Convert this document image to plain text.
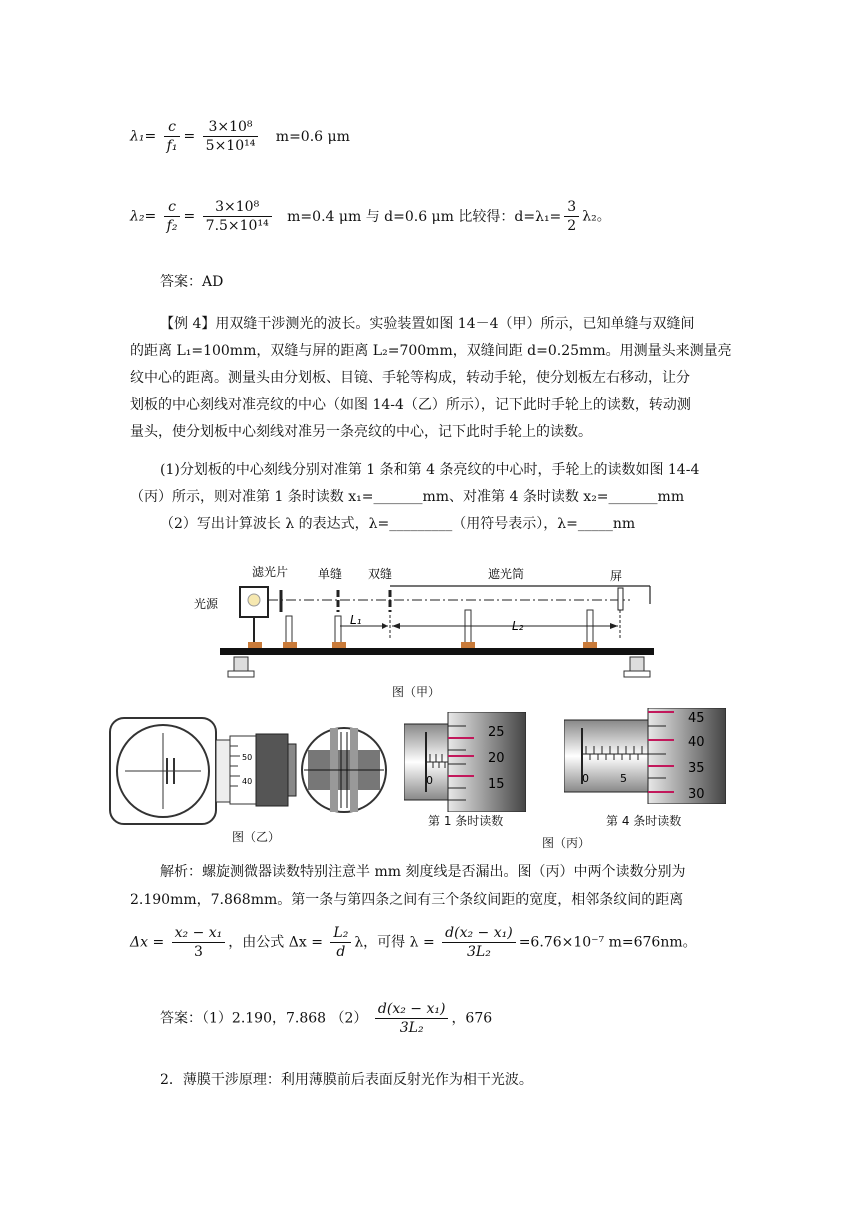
$\lambda_1= \frac{c}{\text{f₁}} = \frac{\text{3×10⁸}}{\text{5×10¹⁴}} m=0.6$ μm
$\lambda_2= \frac{c}{\text{f₂}} = \frac{\text{3×10⁸}}{\text{7.5×10¹⁴}} m=0.4$ μm 与 d=0.6 μm 比较得：$d=\lambda_1= \frac{3}{2} \lambda_2$。
答案：AD
【例 4】用双缝干涉测光的波长。实验装置如图 14－4（甲）所示，已知单缝与双缝间
的距离 L₁=100mm，双缝与屏的距离 L₂=700mm，双缝间距 d=0.25mm。用测量头来测量亮
纹中心的距离。测量头由分划板、目镜、手轮等构成，转动手轮，使分划板左右移动，让分
划板的中心刻线对准亮纹的中心（如图 14-4（乙）所示），记下此时手轮上的读数，转动测
量头，使分划板中心刻线对准另一条亮纹的中心，记下此时手轮上的读数。
(1)分划板的中心刻线分别对准第 1 条和第 4 条亮纹的中心时，手轮上的读数如图 14-4
（丙）所示，则对准第 1 条时读数 x₁=_______mm、对准第 4 条时读数 x₂=_______mm
（2）写出计算波长 λ 的表达式，λ=_________（用符号表示），λ=_____nm
滤光片 单缝 双缝	遮光筒	屏
光源
L₁	L₂
图（甲）
50
40
图（乙）
0
25
20
15
第 1 条时读数
0	5
45
40
35
30
第 4 条时读数
图（丙）
解析：螺旋测微器读数特别注意半 mm 刻度线是否漏出。图（丙）中两个读数分别为
2.190mm，7.868mm。第一条与第四条之间有三个条纹间距的宽度，相邻条纹间的距离
$\Delta x = \frac{\text{x₂ − x₁}}{3}$ ，由公式 $\Delta x = \frac{\text{L₂}}{d}$ λ，可得 $\lambda = \frac{\text{d(x₂ − x₁)}}{\text{3L₂}} =6.76\times 10^{-7}$ m=676nm。
答案：（1）2.190，7.868 $(2) \frac{\text{d(x₂ − x₁)}}{\text{3L₂}}$ ，676
2．薄膜干涉原理：利用薄膜前后表面反射光作为相干光波。
